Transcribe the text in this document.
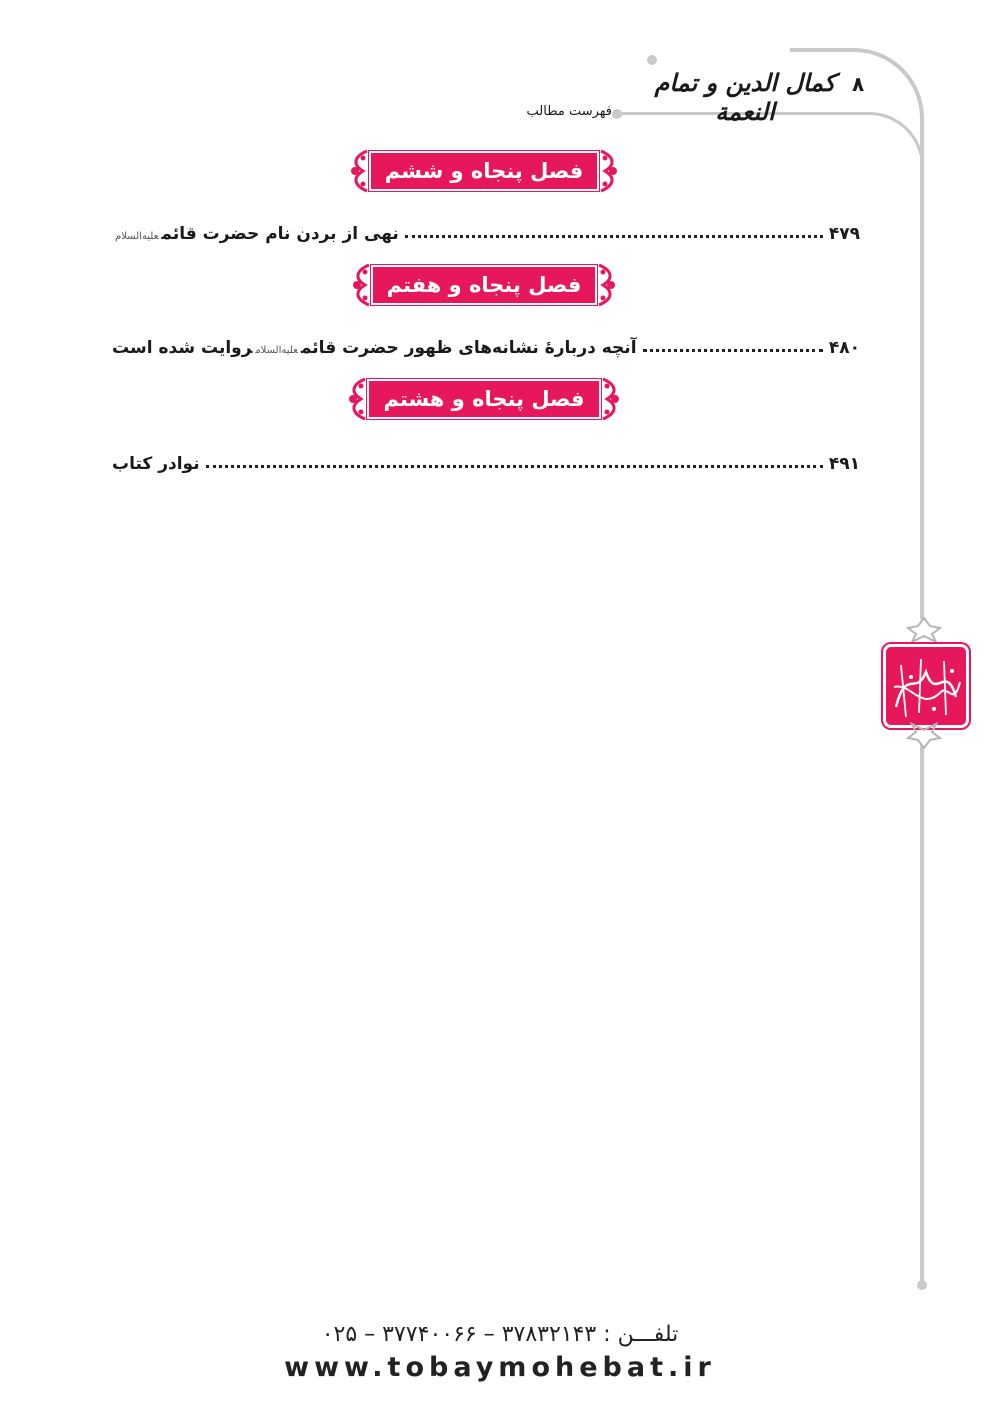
۸
کمال الدین و تمام النعمة
فهرست مطالب
فصل پنجاه و ششم
نهی از بردن نام حضرت قائمعلیه‌السلام	۴۷۹
فصل پنجاه و هفتم
آنچه دربارۀ نشانه‌های ظهور حضرت قائمعلیه‌السلامروایت شده است	۴۸۰
فصل پنجاه و هشتم
نوادر کتاب	۴۹۱
تلفـــن : ۳۷۸۳۲۱۴۳ – ۳۷۷۴۰۰۶۶ – ۰۲۵
www.tobaymohebat.ir
